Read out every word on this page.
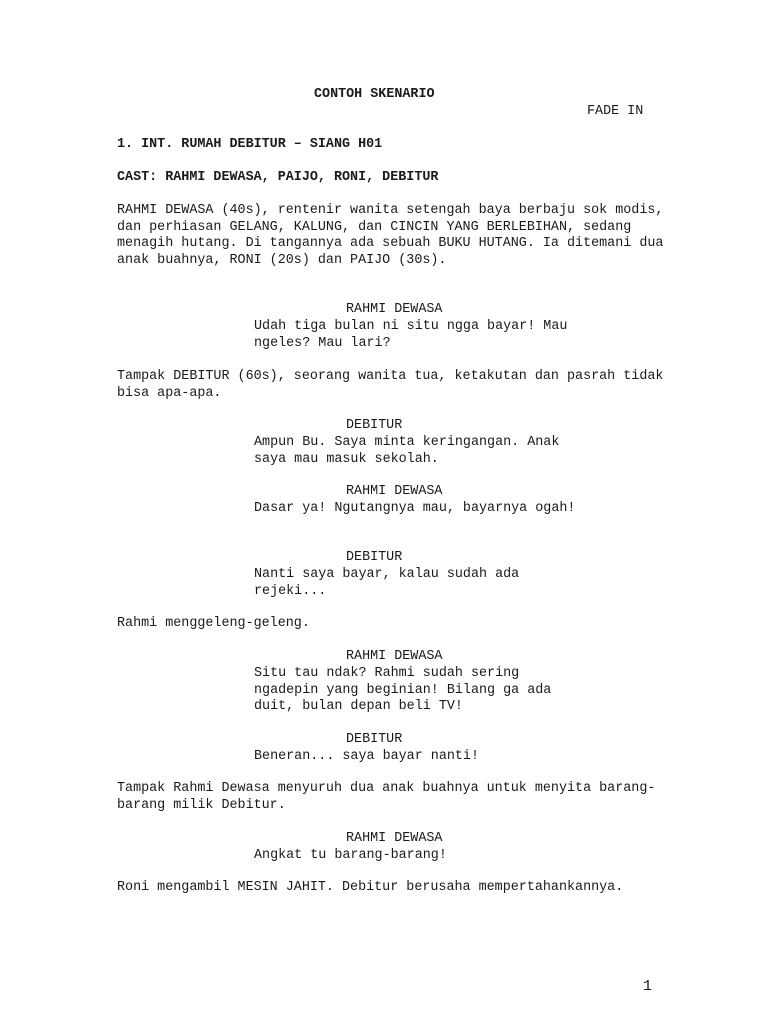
CONTOH SKENARIO

FADE IN

1. INT. RUMAH DEBITUR – SIANG H01

CAST: RAHMI DEWASA, PAIJO, RONI, DEBITUR

RAHMI DEWASA (40s), rentenir wanita setengah baya berbaju sok modis, dan perhiasan GELANG, KALUNG, dan CINCIN YANG BERLEBIHAN, sedang menagih hutang. Di tangannya ada sebuah BUKU HUTANG. Ia ditemani dua anak buahnya, RONI (20s) dan PAIJO (30s).

RAHMI DEWASA

Udah tiga bulan ni situ ngga bayar! Mau ngeles? Mau lari?

Tampak DEBITUR (60s), seorang wanita tua, ketakutan dan pasrah tidak bisa apa-apa.

DEBITUR

Ampun Bu. Saya minta keringangan. Anak saya mau masuk sekolah.

RAHMI DEWASA

Dasar ya! Ngutangnya mau, bayarnya ogah!

DEBITUR

Nanti saya bayar, kalau sudah ada rejeki...

Rahmi menggeleng-geleng.

RAHMI DEWASA

Situ tau ndak? Rahmi sudah sering ngadepin yang beginian! Bilang ga ada duit, bulan depan beli TV!

DEBITUR

Beneran... saya bayar nanti!

Tampak Rahmi Dewasa menyuruh dua anak buahnya untuk menyita barang-barang milik Debitur.

RAHMI DEWASA

Angkat tu barang-barang!

Roni mengambil MESIN JAHIT. Debitur berusaha mempertahankannya.

1
